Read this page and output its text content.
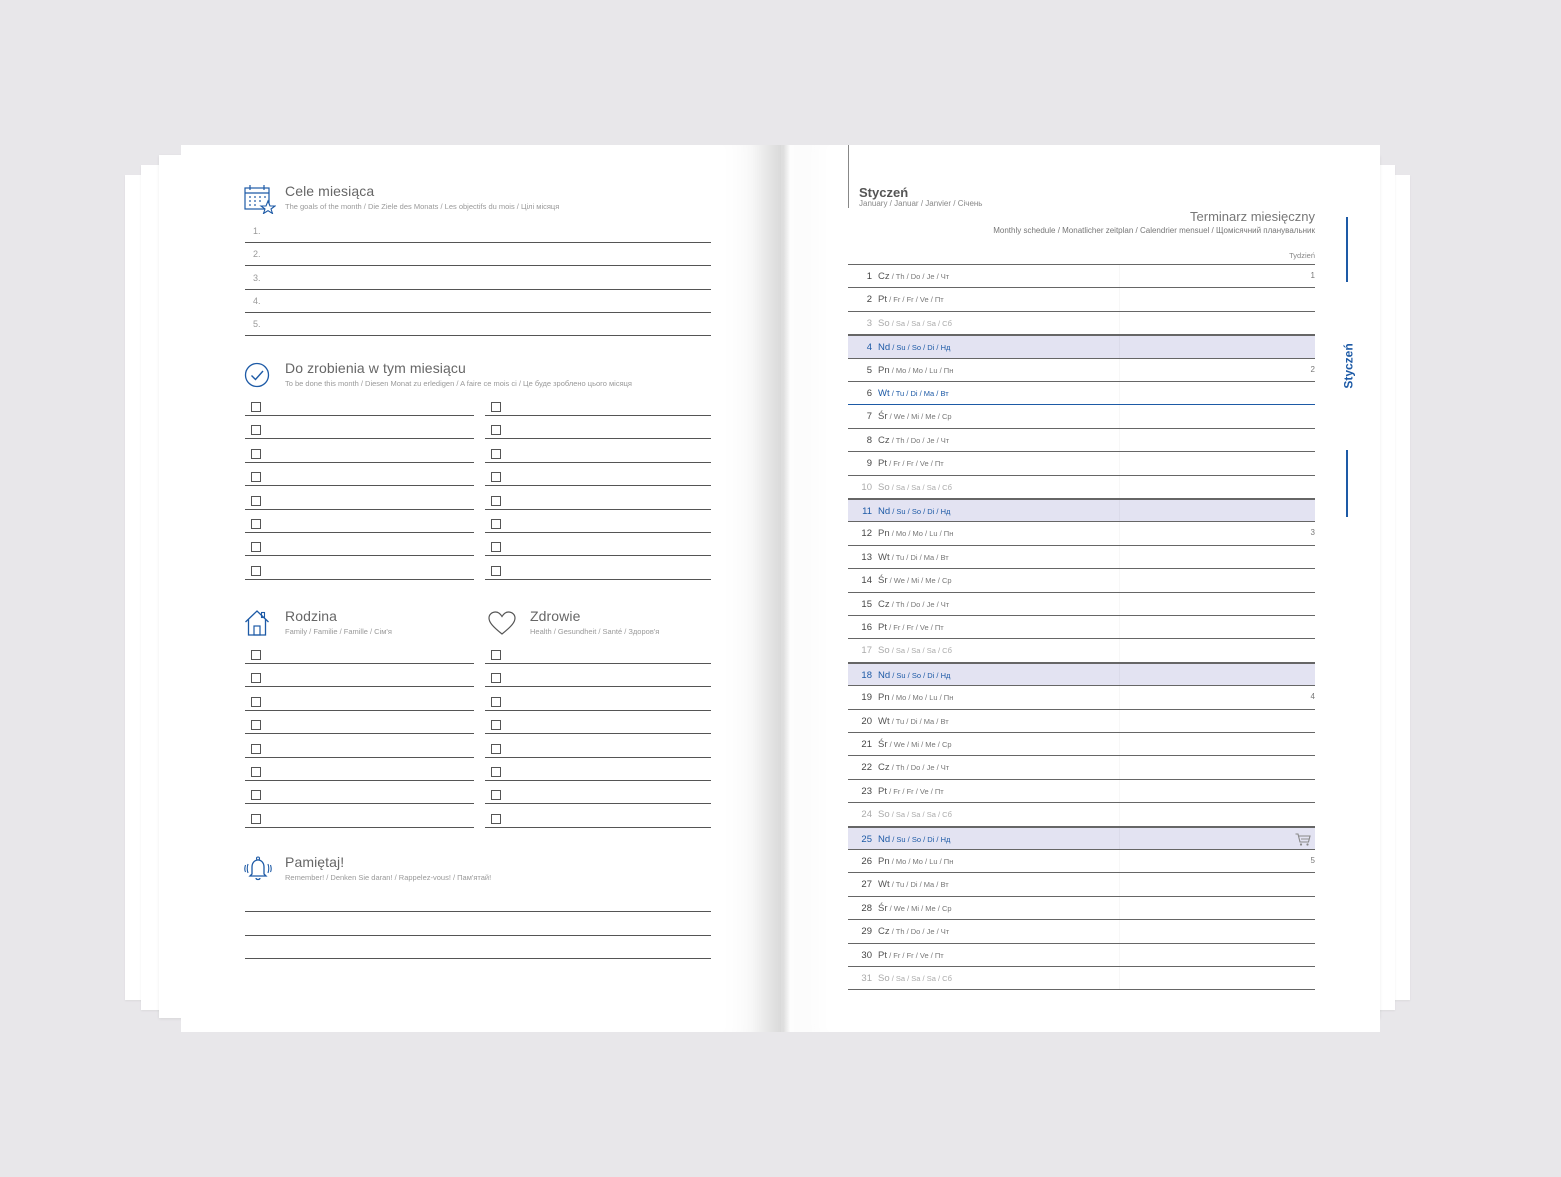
Cele miesiąca
The goals of the month / Die Ziele des Monats / Les objectifs du mois / Цілі місяця
1.
2.
3.
4.
5.
Do zrobienia w tym miesiącu
To be done this month / Diesen Monat zu erledigen / A faire ce mois ci / Це буде зроблено цього місяця
Rodzina
Family / Familie / Famille / Сім'я
Zdrowie
Health / Gesundheit / Santé / Здоров'я
Pamiętaj!
Remember! / Denken Sie daran! / Rappelez-vous! / Пам'ятай!
Styczeń
January / Januar / Janvier / Січень
Terminarz miesięczny
Monthly schedule / Monatlicher zeitplan / Calendrier mensuel / Щомісячний планувальник
Tydzień
1 Cz / Th / Do / Je / Чт	1
2 Pt / Fr / Fr / Ve / Пт
3 So / Sa / Sa / Sa / Сб
4 Nd / Su / So / Di / Нд
5 Pn / Mo / Mo / Lu / Пн	2
6 Wt / Tu / Di / Ma / Вт
7 Śr / We / Mi / Me / Ср
8 Cz / Th / Do / Je / Чт
9 Pt / Fr / Fr / Ve / Пт
10 So / Sa / Sa / Sa / Сб
11 Nd / Su / So / Di / Нд
12 Pn / Mo / Mo / Lu / Пн	3
13 Wt / Tu / Di / Ma / Вт
14 Śr / We / Mi / Me / Ср
15 Cz / Th / Do / Je / Чт
16 Pt / Fr / Fr / Ve / Пт
17 So / Sa / Sa / Sa / Сб
18 Nd / Su / So / Di / Нд
19 Pn / Mo / Mo / Lu / Пн	4
20 Wt / Tu / Di / Ma / Вт
21 Śr / We / Mi / Me / Ср
22 Cz / Th / Do / Je / Чт
23 Pt / Fr / Fr / Ve / Пт
24 So / Sa / Sa / Sa / Сб
25 Nd / Su / So / Di / Нд
26 Pn / Mo / Mo / Lu / Пн	5
27 Wt / Tu / Di / Ma / Вт
28 Śr / We / Mi / Me / Ср
29 Cz / Th / Do / Je / Чт
30 Pt / Fr / Fr / Ve / Пт
31 So / Sa / Sa / Sa / Сб
Styczeń
